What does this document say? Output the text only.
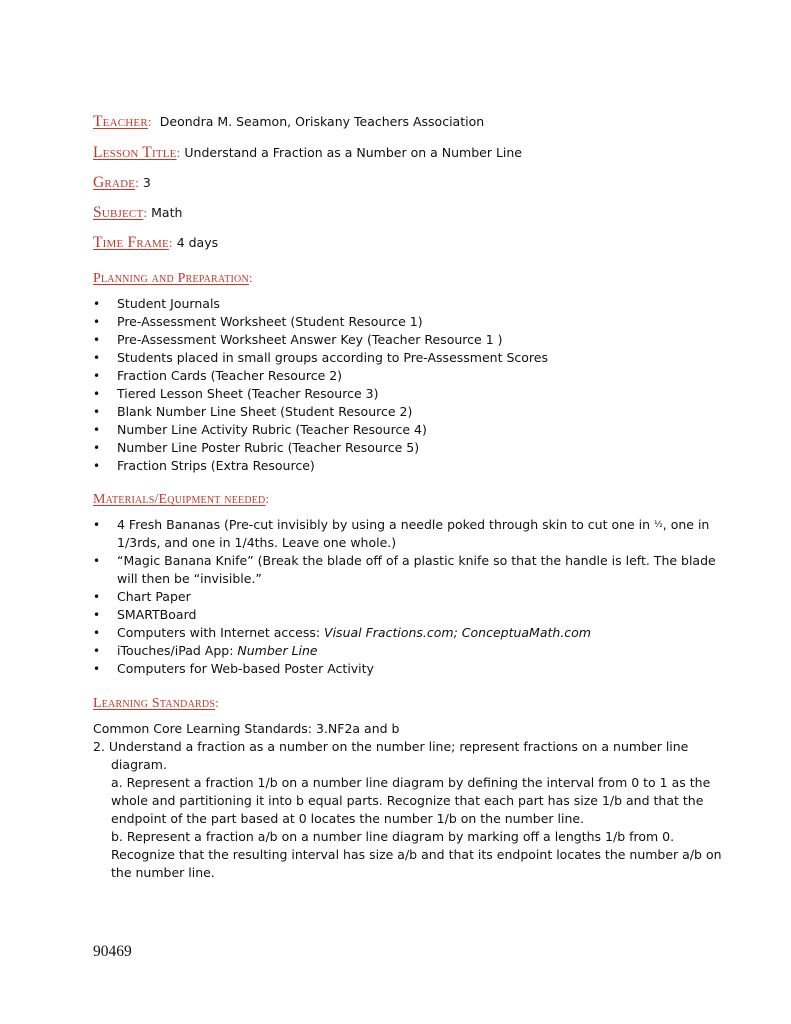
Teacher: Deondra M. Seamon, Oriskany Teachers Association
Lesson Title: Understand a Fraction as a Number on a Number Line
Grade: 3
Subject: Math
Time Frame: 4 days
Planning and Preparation:
• Student Journals
• Pre-Assessment Worksheet (Student Resource 1)
• Pre-Assessment Worksheet Answer Key (Teacher Resource 1 )
• Students placed in small groups according to Pre-Assessment Scores
• Fraction Cards (Teacher Resource 2)
• Tiered Lesson Sheet (Teacher Resource 3)
• Blank Number Line Sheet (Student Resource 2)
• Number Line Activity Rubric (Teacher Resource 4)
• Number Line Poster Rubric (Teacher Resource 5)
• Fraction Strips (Extra Resource)
Materials/Equipment needed:
• 4 Fresh Bananas (Pre-cut invisibly by using a needle poked through skin to cut one in ½, one in 1/3rds, and one in 1/4ths. Leave one whole.)
• “Magic Banana Knife” (Break the blade off of a plastic knife so that the handle is left. The blade will then be “invisible.”
• Chart Paper
• SMARTBoard
• Computers with Internet access: Visual Fractions.com; ConceptuaMath.com
• iTouches/iPad App: Number Line
• Computers for Web-based Poster Activity
Learning Standards:
Common Core Learning Standards: 3.NF2a and b
2. Understand a fraction as a number on the number line; represent fractions on a number line
diagram.
a. Represent a fraction 1/b on a number line diagram by defining the interval from 0 to 1 as the
whole and partitioning it into b equal parts. Recognize that each part has size 1/b and that the
endpoint of the part based at 0 locates the number 1/b on the number line.
b. Represent a fraction a/b on a number line diagram by marking off a lengths 1/b from 0.
Recognize that the resulting interval has size a/b and that its endpoint locates the number a/b on
the number line.
90469
